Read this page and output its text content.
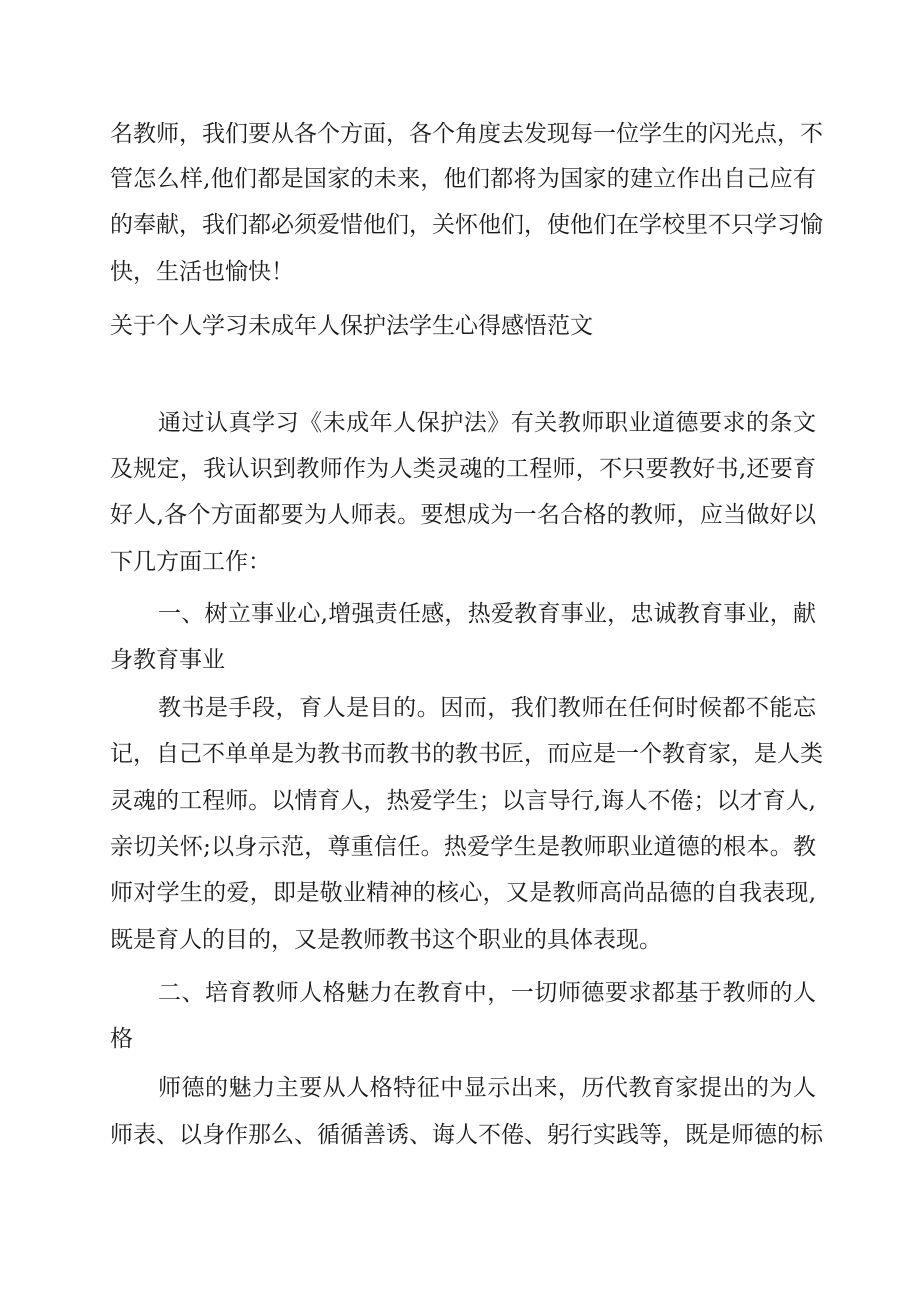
名教师，我们要从各个方面，各个角度去发现每一位学生的闪光点，不

管怎么样,他们都是国家的未来，他们都将为国家的建立作出自己应有

的奉献，我们都必须爱惜他们，关怀他们，使他们在学校里不只学习愉

快，生活也愉快！

关于个人学习未成年人保护法学生心得感悟范文

通过认真学习《未成年人保护法》有关教师职业道德要求的条文

及规定，我认识到教师作为人类灵魂的工程师，不只要教好书,还要育

好人,各个方面都要为人师表。要想成为一名合格的教师，应当做好以

下几方面工作：

一、树立事业心,增强责任感，热爱教育事业，忠诚教育事业，献

身教育事业

教书是手段，育人是目的。因而，我们教师在任何时候都不能忘

记，自己不单单是为教书而教书的教书匠，而应是一个教育家，是人类

灵魂的工程师。以情育人，热爱学生；以言导行,诲人不倦；以才育人,

亲切关怀;以身示范，尊重信任。热爱学生是教师职业道德的根本。教

师对学生的爱，即是敬业精神的核心，又是教师高尚品德的自我表现,

既是育人的目的，又是教师教书这个职业的具体表现。

二、培育教师人格魅力在教育中，一切师德要求都基于教师的人

格

师德的魅力主要从人格特征中显示出来，历代教育家提出的为人

师表、以身作那么、循循善诱、诲人不倦、躬行实践等，既是师德的标
